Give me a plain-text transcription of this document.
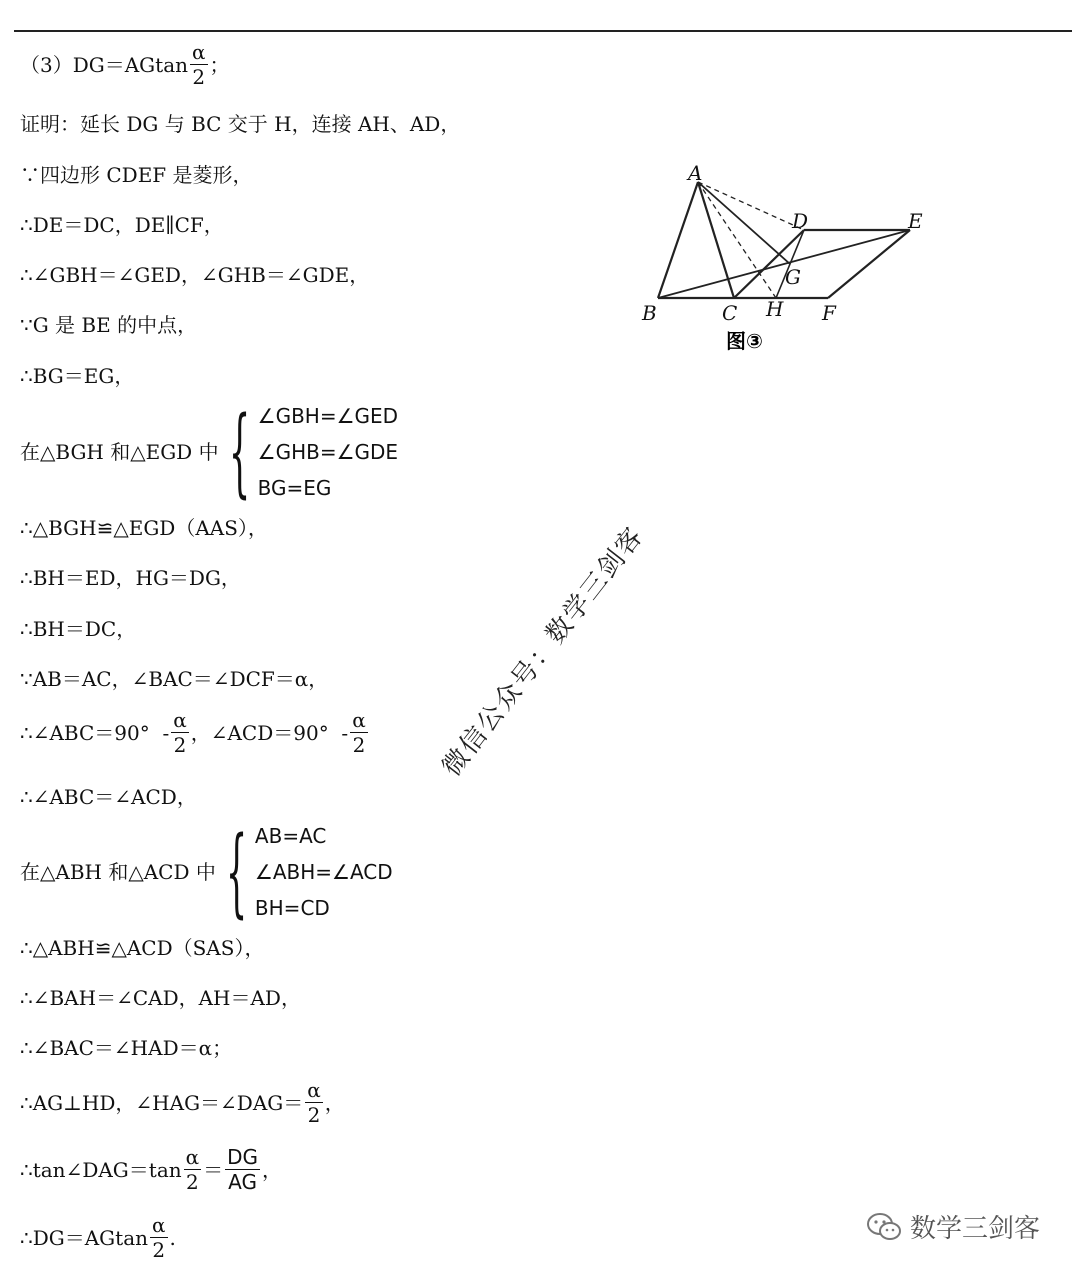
$(3)DG=AGtan \frac{\alpha}{2}$ ；
证明：延长 DG 与 BC 交于 H，连接 AH、AD，
∵四边形 CDEF 是菱形，
∴DE＝DC，DE∥CF，
∴∠GBH＝∠GED，∠GHB＝∠GDE，
∵G 是 BE 的中点，
∴BG＝EG，
在△BGH 和△EGD 中 { ∠GBH=∠GED
∠GHB=∠GDE
BG=EG
∴△BGH≌△EGD（AAS），
∴BH＝ED，HG＝DG，
∴BH＝DC，
∵AB＝AC，∠BAC＝∠DCF＝α，
∴∠ABC＝90°  - $\frac{\alpha}{2}$ ，∠ACD＝90°  - $\frac{\alpha}{2}$
∴∠ABC＝∠ACD，
在△ABH 和△ACD 中 { AB=AC
∠ABH=∠ACD
BH=CD
∴△ABH≌△ACD（SAS），
∴∠BAH＝∠CAD，AH＝AD，
∴∠BAC＝∠HAD＝α；
∴AG⊥HD，∠HAG＝∠DAG＝ $\frac{\alpha}{2}$ ，
∴tan∠DAG＝tan $\frac{\alpha}{2} = \frac{DG}{AG}$ ，
∴DG＝AGtan $\frac{\alpha}{2}$ .
A
B	C
D	E
F
G
H
图③
微信公众号：数学三剑客
数学三剑客
